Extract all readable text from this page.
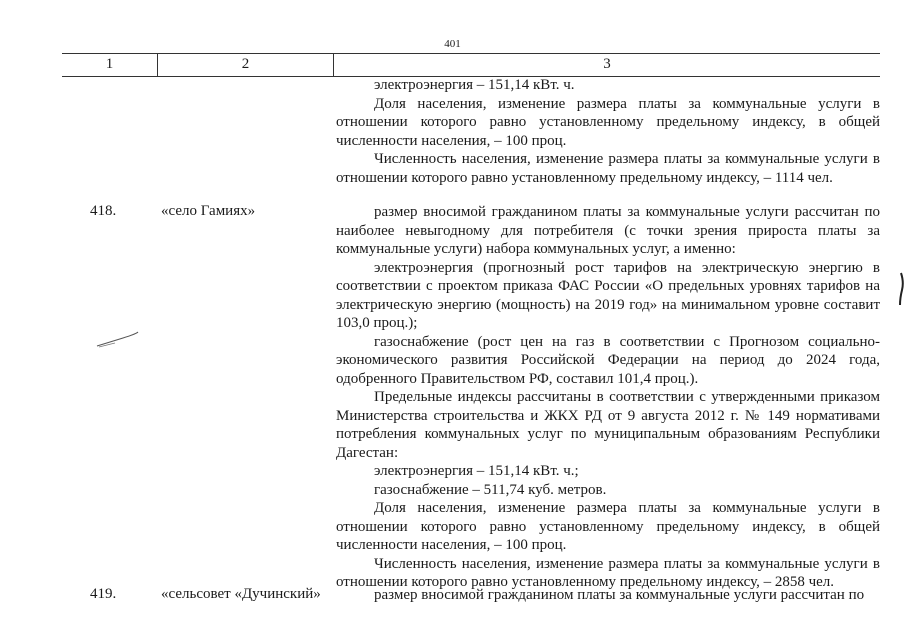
401
1	2	3

электроэнергия – 151,14 кВт. ч.

Доля населения, изменение размера платы за коммунальные услуги в отношении которого равно установленному предельному индексу, в общей численности населения, – 100 проц.

Численность населения, изменение размера платы за коммунальные услуги в отношении которого равно установленному предельному индексу, – 1114 чел.

418.	«село Гамиях»	размер вносимой гражданином платы за коммунальные услуги рассчитан по наиболее невыгодному для потребителя (с точки зрения прироста платы за коммунальные услуги) набора коммунальных услуг, а именно:

электроэнергия (прогнозный рост тарифов на электрическую энергию в соответствии с проектом приказа ФАС России «О предельных уровнях тарифов на электрическую энергию (мощность) на 2019 год» на минимальном уровне составит 103,0 проц.);

газоснабжение (рост цен на газ в соответствии с Прогнозом социально-экономического развития Российской Федерации на период до 2024 года, одобренного Правительством РФ, составил 101,4 проц.).

Предельные индексы рассчитаны в соответствии с утвержденными приказом Министерства строительства и ЖКХ РД от 9 августа 2012 г. № 149 нормативами потребления коммунальных услуг по муниципальным образованиям Республики Дагестан:

электроэнергия – 151,14 кВт. ч.;

газоснабжение – 511,74 куб. метров.

Доля населения, изменение размера платы за коммунальные услуги в отношении которого равно установленному предельному индексу, в общей численности населения, – 100 проц.

Численность населения, изменение размера платы за коммунальные услуги в отношении которого равно установленному предельному индексу, – 2858 чел.

419.	«сельсовет «Дучинский»	размер вносимой гражданином платы за коммунальные услуги рассчитан по
